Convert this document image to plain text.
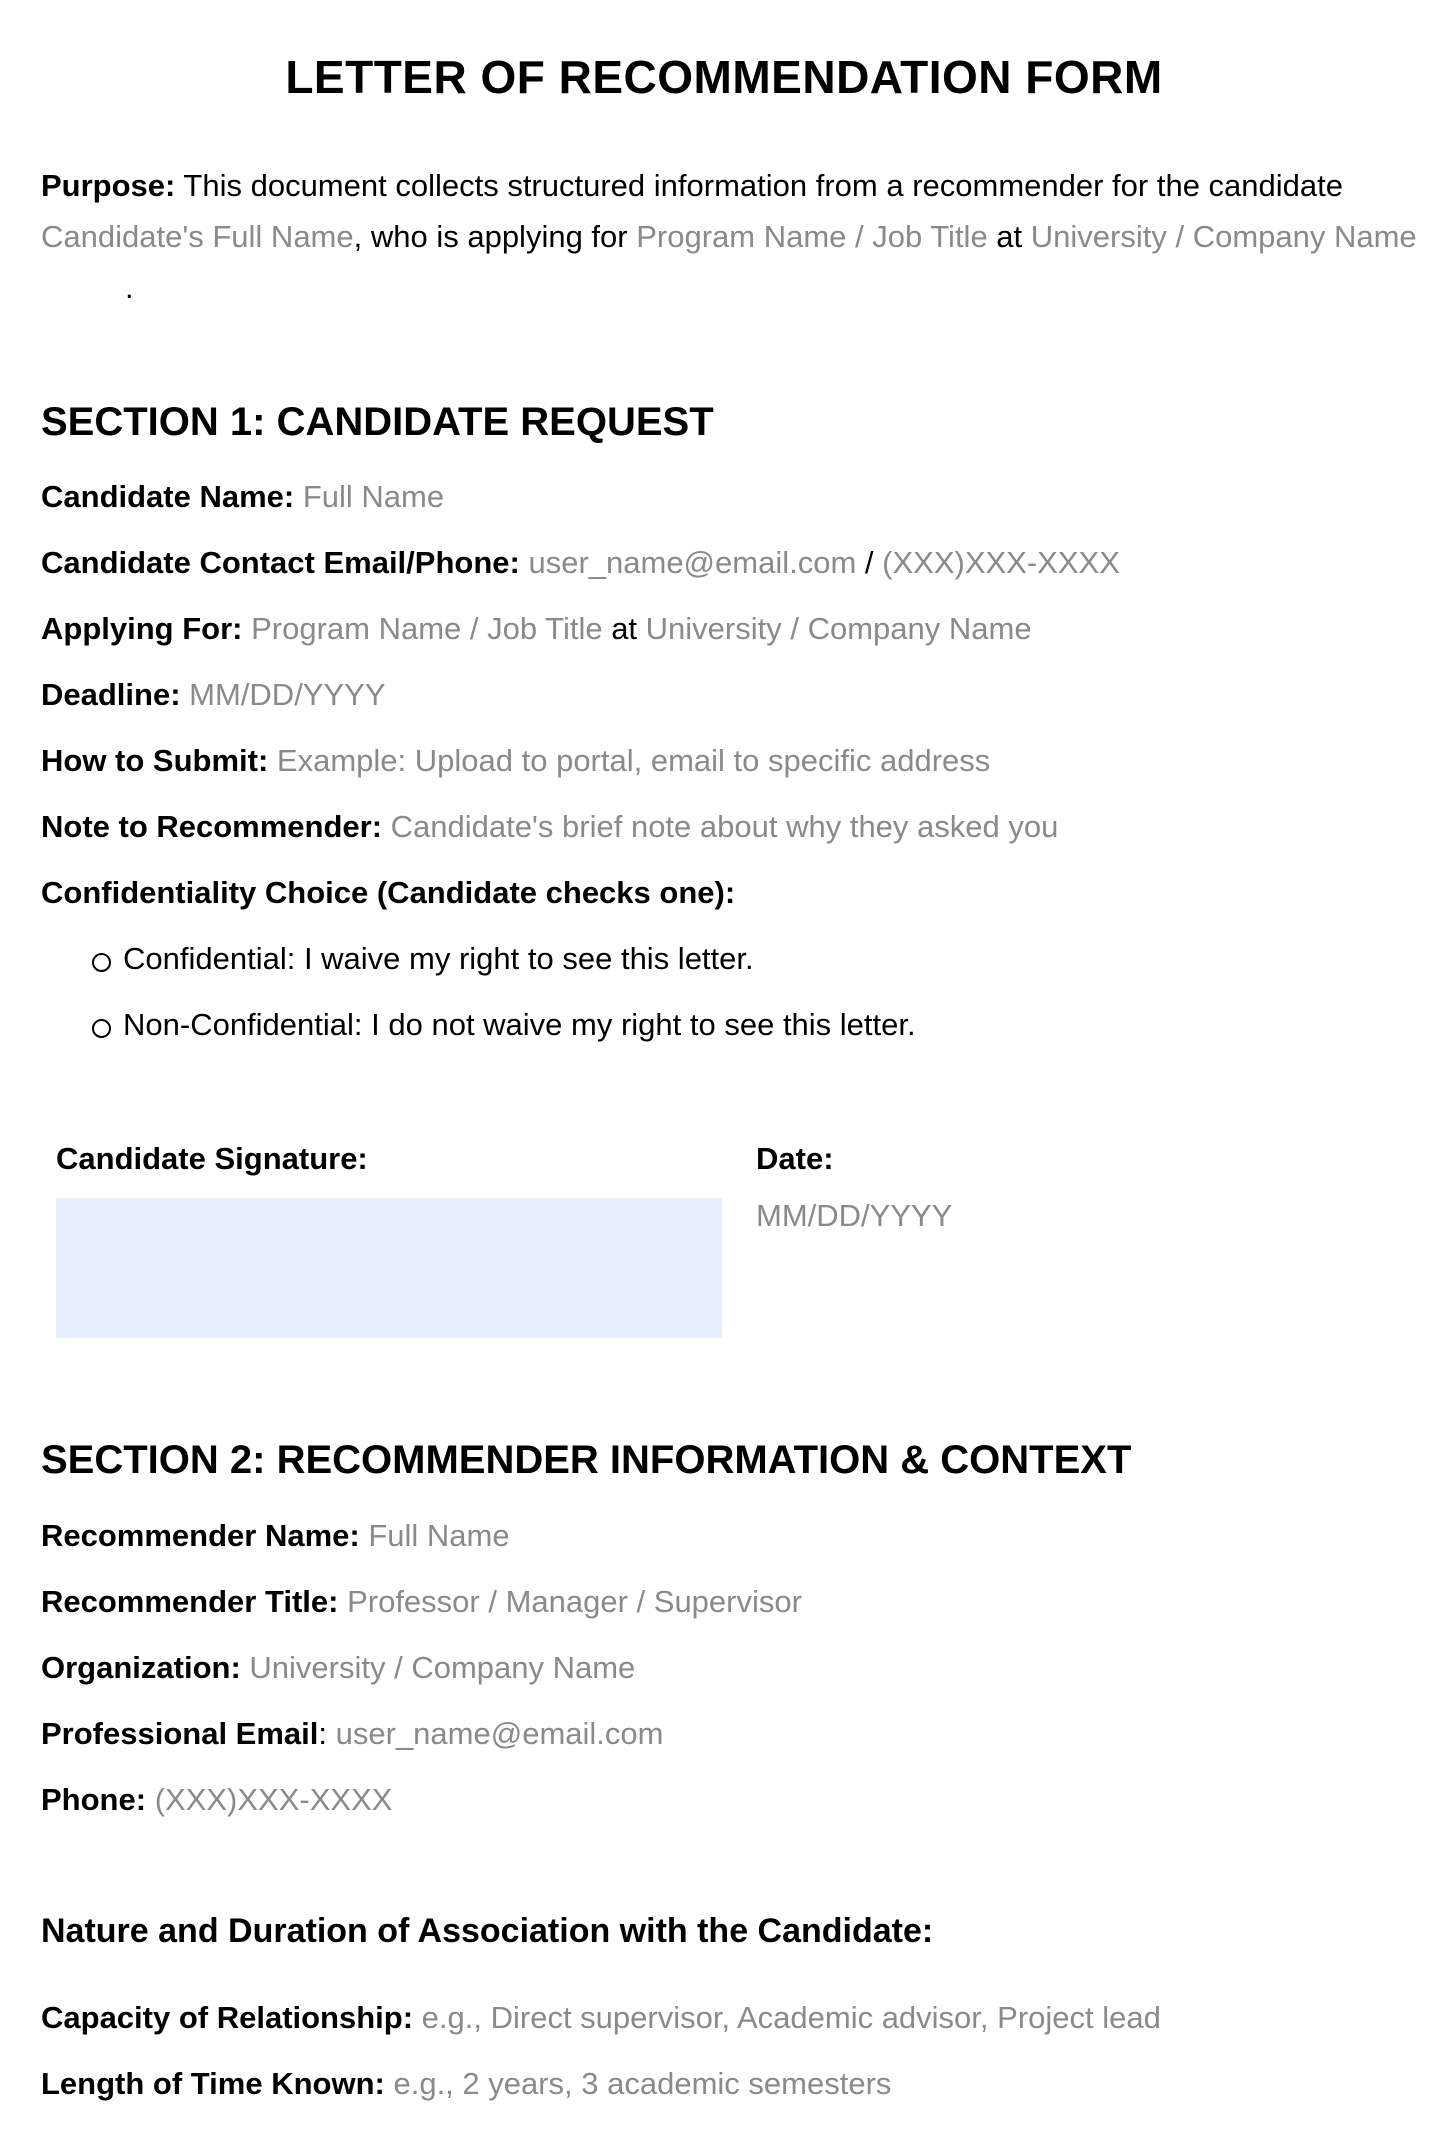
LETTER OF RECOMMENDATION FORM
Purpose: This document collects structured information from a recommender for the candidate
Candidate's Full Name, who is applying for Program Name / Job Title at University / Company Name
.
SECTION 1: CANDIDATE REQUEST
Candidate Name: Full Name
Candidate Contact Email/Phone: user_name@email.com / (XXX)XXX-XXXX
Applying For: Program Name / Job Title at University / Company Name
Deadline: MM/DD/YYYY
How to Submit: Example: Upload to portal, email to specific address
Note to Recommender: Candidate's brief note about why they asked you
Confidentiality Choice (Candidate checks one):
Confidential: I waive my right to see this letter.
Non-Confidential: I do not waive my right to see this letter.
Candidate Signature:	Date:
MM/DD/YYYY
SECTION 2: RECOMMENDER INFORMATION & CONTEXT
Recommender Name: Full Name
Recommender Title: Professor / Manager / Supervisor
Organization: University / Company Name
Professional Email: user_name@email.com
Phone: (XXX)XXX-XXXX
Nature and Duration of Association with the Candidate:
Capacity of Relationship: e.g., Direct supervisor, Academic advisor, Project lead
Length of Time Known: e.g., 2 years, 3 academic semesters
